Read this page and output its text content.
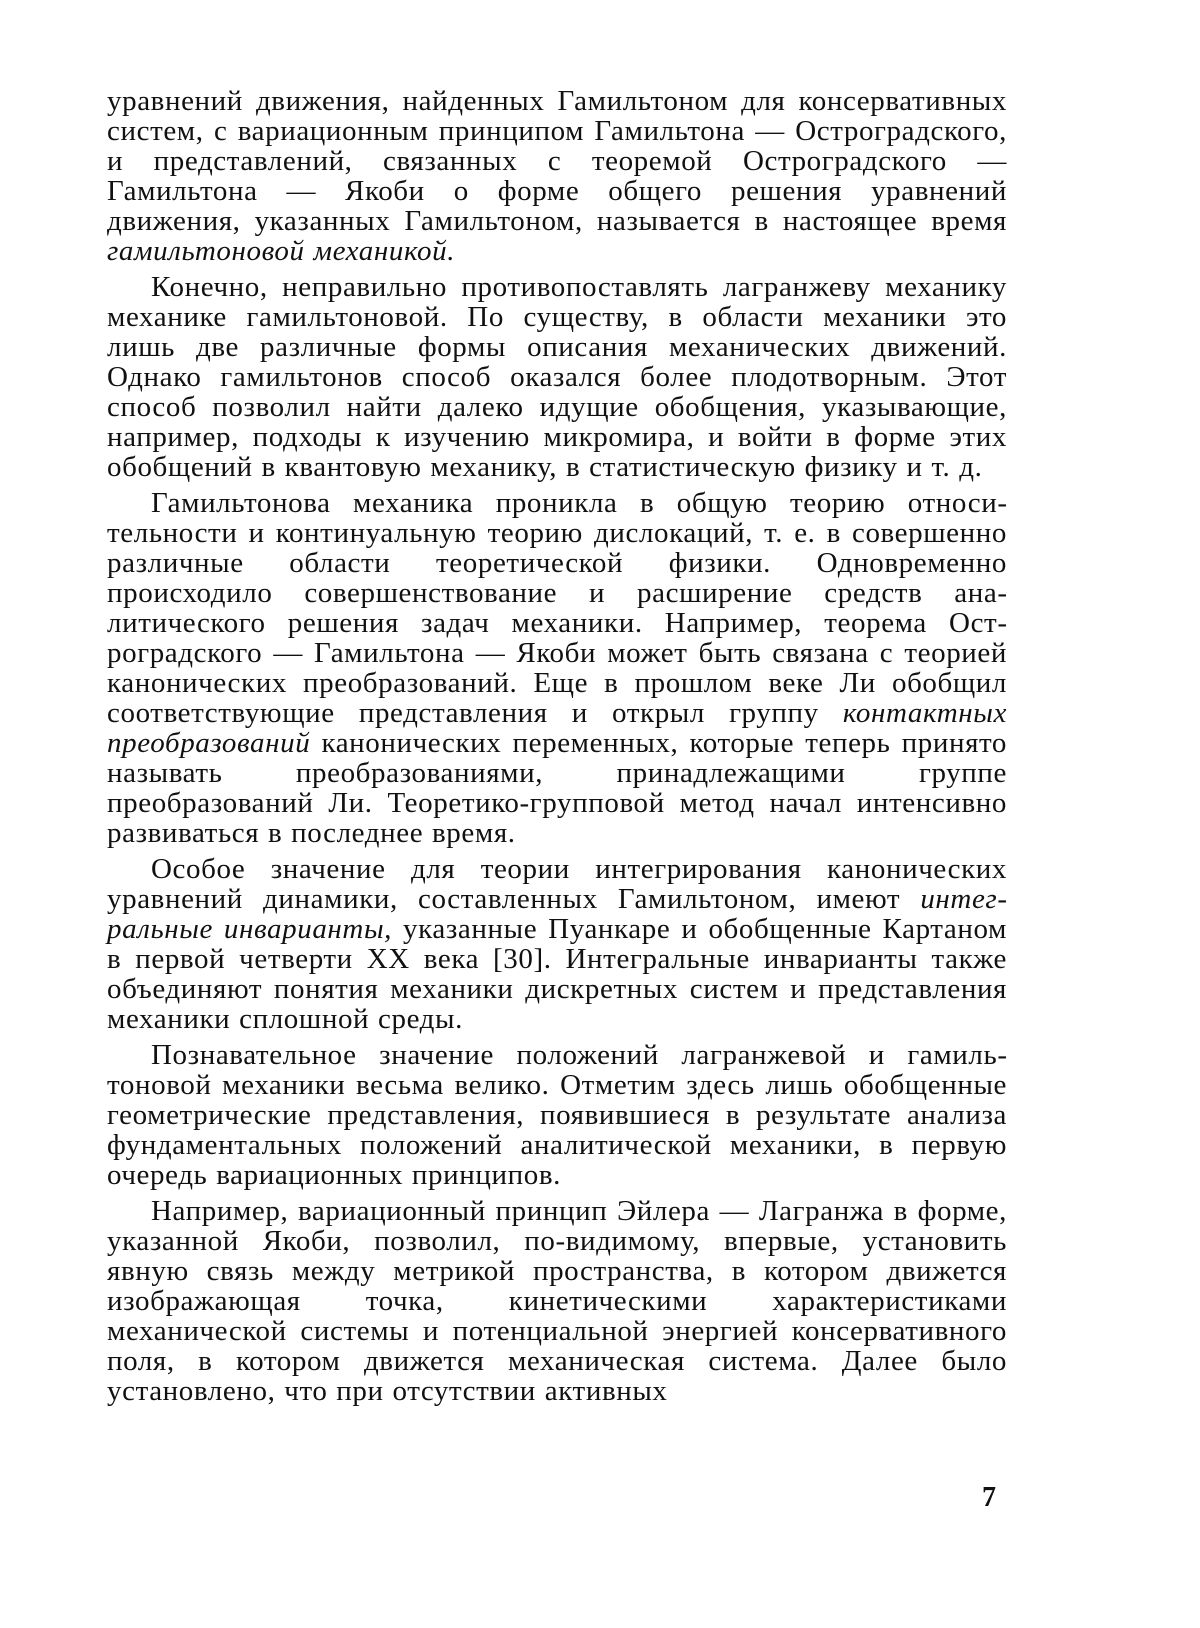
уравнений движения, найденных Гамильтоном для консервативных систем, с вариационным принципом Гамильтона — Остроградского, и представлений, связанных с теоремой Остроградского — Гамильтона — Якоби о форме общего решения уравнений движения, указанных Гамильтоном, называется в настоящее время гамильтоновой механикой.

Конечно, неправильно противопоставлять лагранжеву механику механике гамильтоновой. По существу, в области механики это лишь две различные формы описания механических движений. Однако гамильтонов способ оказался более плодотворным. Этот способ позволил найти далеко идущие обобщения, указывающие, например, подходы к изучению микромира, и войти в форме этих обобщений в квантовую механику, в статистическую физику и т. д.

Гамильтонова механика проникла в общую теорию относительности и континуальную теорию дислокаций, т. е. в совершенно различные области теоретической физики. Одновременно происходило совершенствование и расширение средств аналитического решения задач механики. Например, теорема Остроградского — Гамильтона — Якоби может быть связана с теорией канонических преобразований. Еще в прошлом веке Ли обобщил соответствующие представления и открыл группу контактных преобразований канонических переменных, которые теперь принято называть преобразованиями, принадлежащими группе преобразований Ли. Теоретико-групповой метод начал интенсивно развиваться в последнее время.

Особое значение для теории интегрирования канонических уравнений динамики, составленных Гамильтоном, имеют интегральные инварианты, указанные Пуанкаре и обобщенные Картаном в первой четверти XX века [30]. Интегральные инварианты также объединяют понятия механики дискретных систем и представления механики сплошной среды.

Познавательное значение положений лагранжевой и гамильтоновой механики весьма велико. Отметим здесь лишь обобщенные геометрические представления, появившиеся в результате анализа фундаментальных положений аналитической механики, в первую очередь вариационных принципов.

Например, вариационный принцип Эйлера — Лагранжа в форме, указанной Якоби, позволил, по-видимому, впервые, установить явную связь между метрикой пространства, в котором движется изображающая точка, кинетическими характеристиками механической системы и потенциальной энергией консервативного поля, в котором движется механическая система. Далее было установлено, что при отсутствии активных

7
